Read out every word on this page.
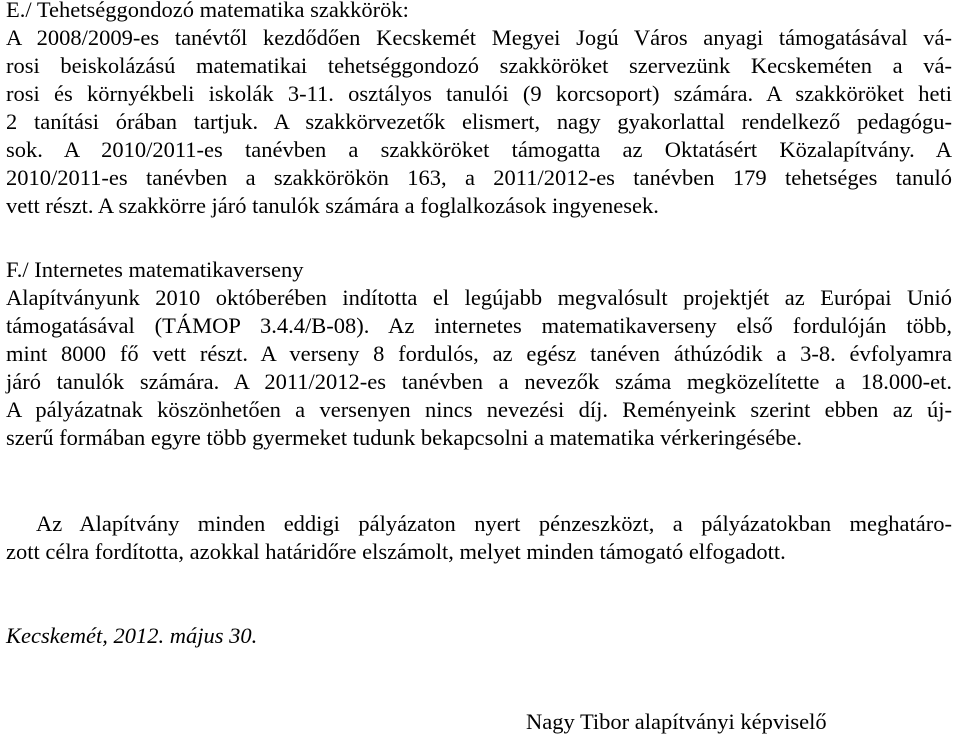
E./ Tehetséggondozó matematika szakkörök:
A 2008/2009-es tanévtől kezdődően Kecskemét Megyei Jogú Város anyagi támogatásával vá-
rosi beiskolázású matematikai tehetséggondozó szakköröket szervezünk Kecskeméten a vá-
rosi és környékbeli iskolák 3-11. osztályos tanulói (9 korcsoport) számára. A szakköröket heti
2 tanítási órában tartjuk. A szakkörvezetők elismert, nagy gyakorlattal rendelkező pedagógu-
sok. A 2010/2011-es tanévben a szakköröket támogatta az Oktatásért Közalapítvány. A
2010/2011-es tanévben a szakkörökön 163, a 2011/2012-es tanévben 179 tehetséges tanuló
vett részt. A szakkörre járó tanulók számára a foglalkozások ingyenesek.
F./ Internetes matematikaverseny
Alapítványunk 2010 októberében indította el legújabb megvalósult projektjét az Európai Unió
támogatásával (TÁMOP 3.4.4/B-08). Az internetes matematikaverseny első fordulóján több,
mint 8000 fő vett részt. A verseny 8 fordulós, az egész tanéven áthúzódik a 3-8. évfolyamra
járó tanulók számára. A 2011/2012-es tanévben a nevezők száma megközelítette a 18.000-et.
A pályázatnak köszönhetően a versenyen nincs nevezési díj. Reményeink szerint ebben az új-
szerű formában egyre több gyermeket tudunk bekapcsolni a matematika vérkeringésébe.
Az Alapítvány minden eddigi pályázaton nyert pénzeszközt, a pályázatokban meghatáro-
zott célra fordította, azokkal határidőre elszámolt, melyet minden támogató elfogadott.
Kecskemét, 2012. május 30.
Nagy Tibor alapítványi képviselő
